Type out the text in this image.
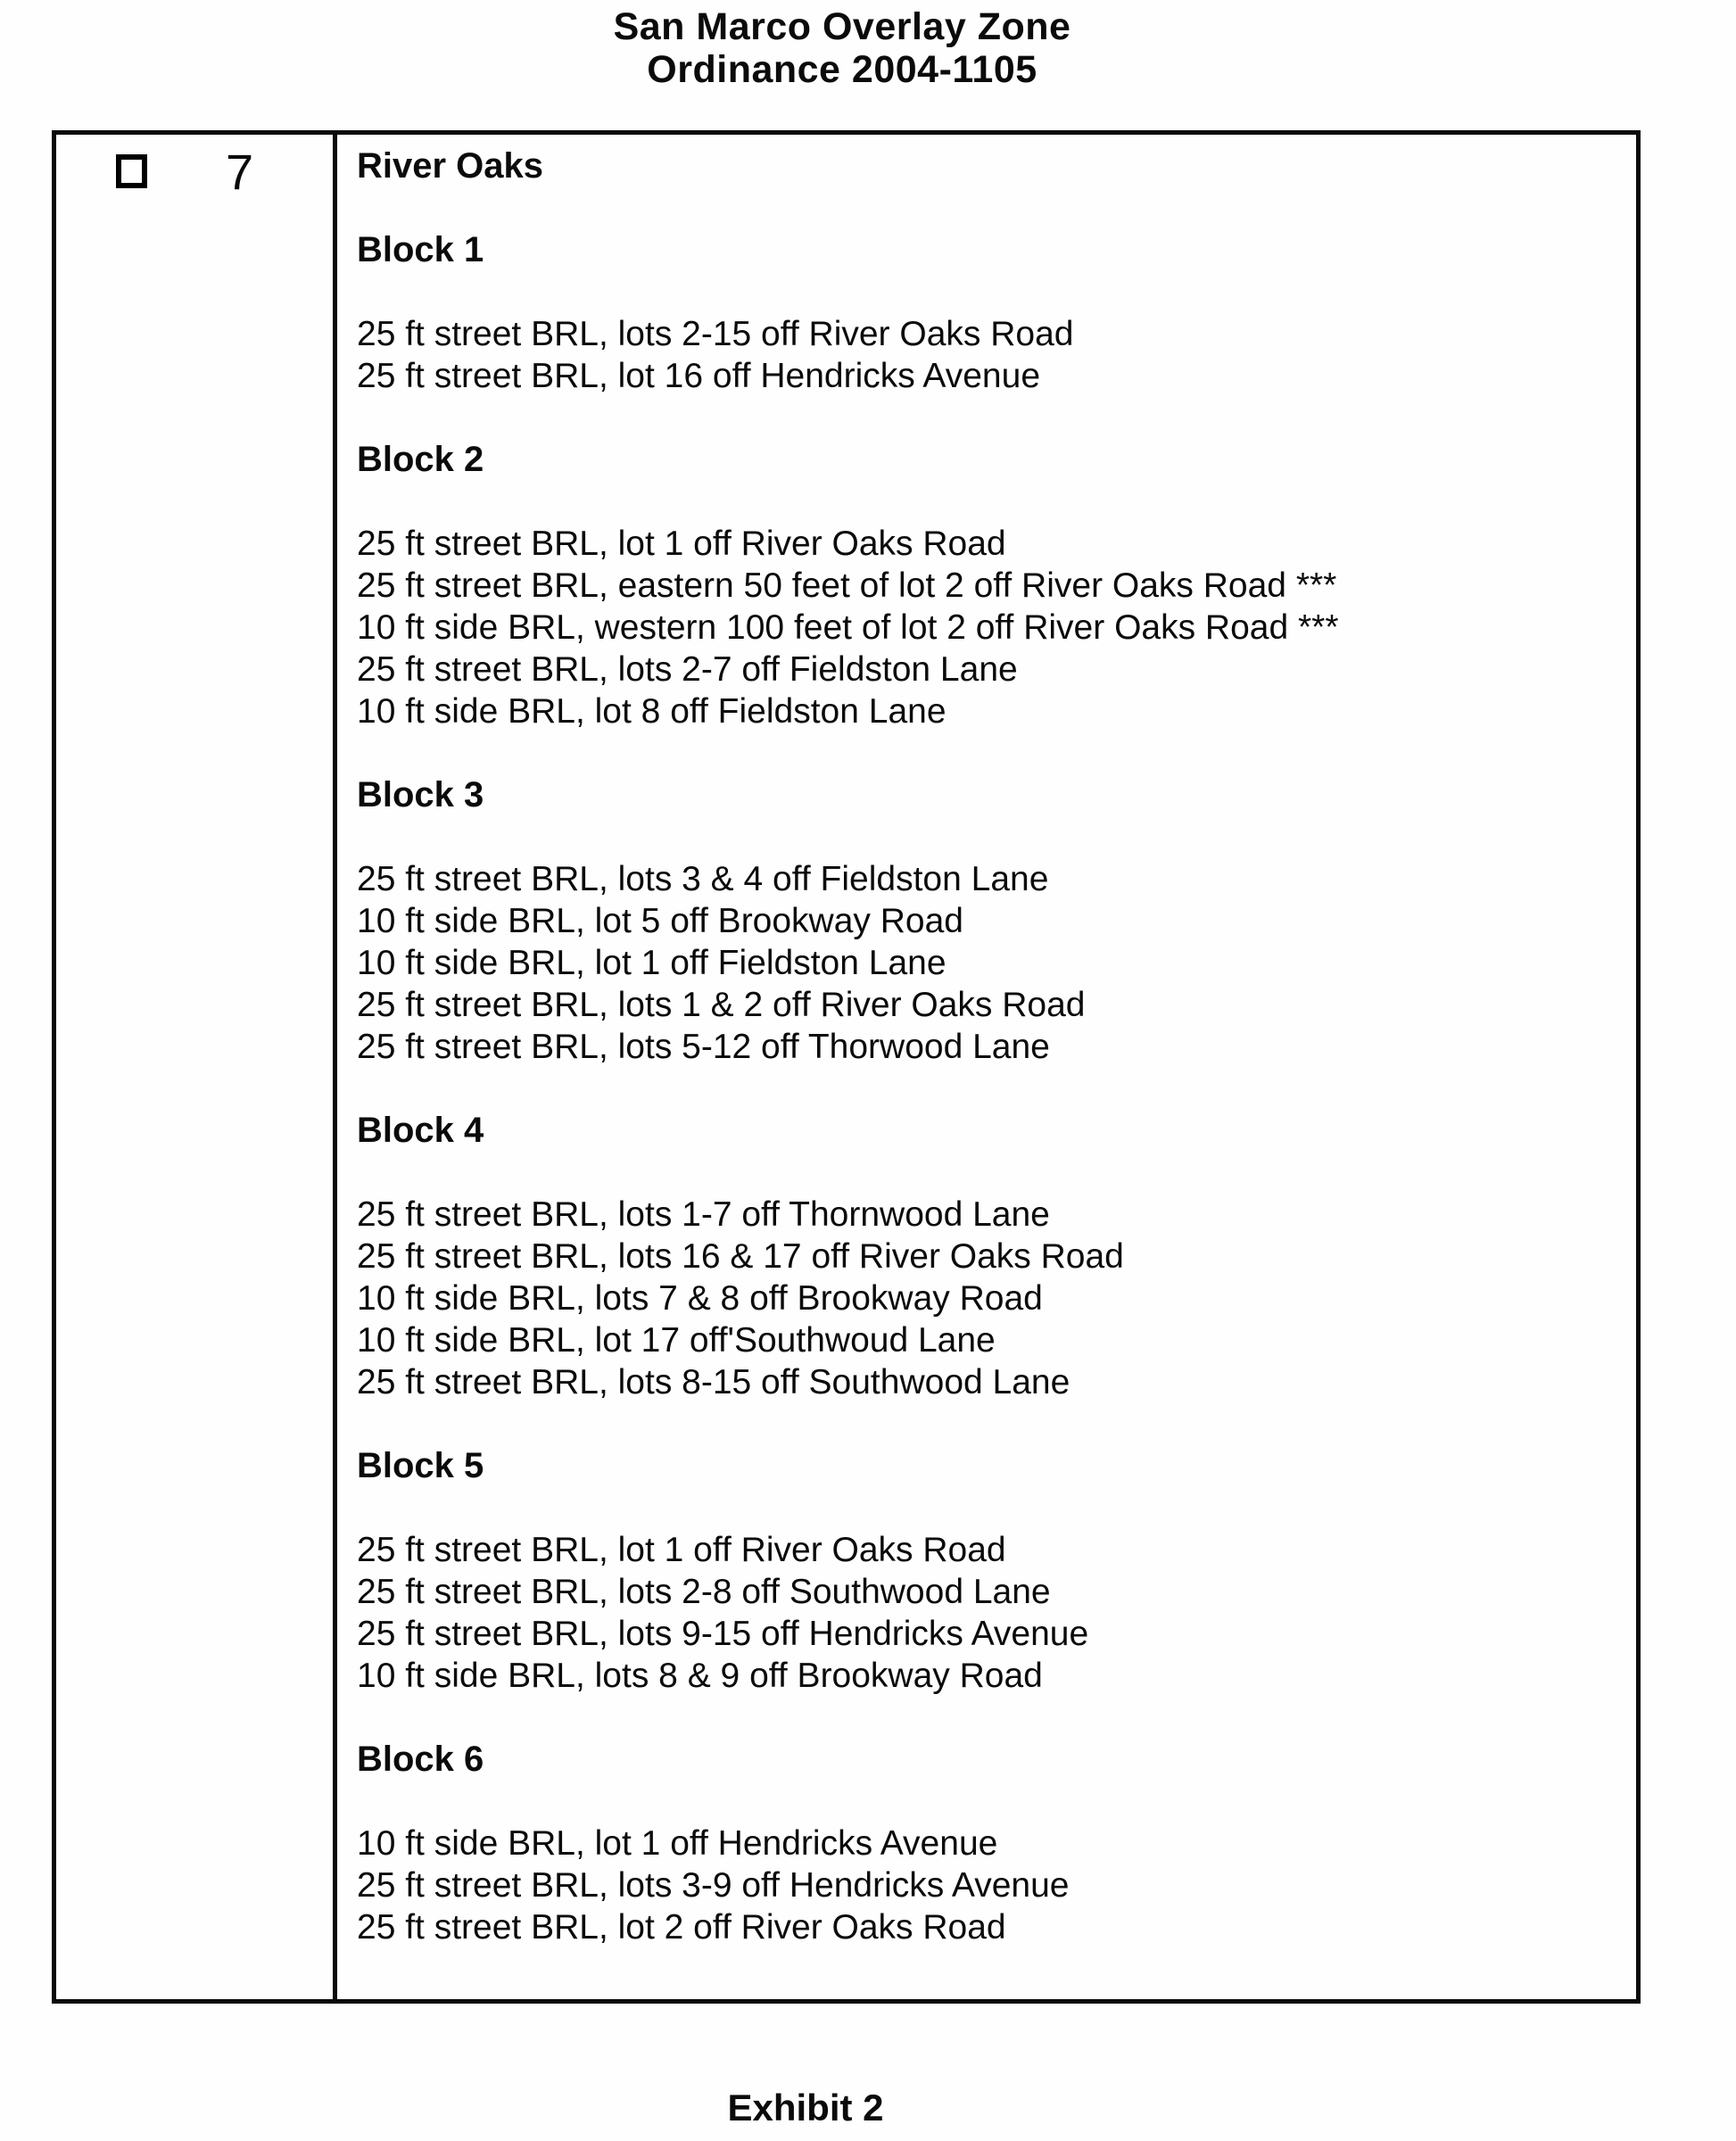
San Marco Overlay Zone
Ordinance 2004-1105
7	River Oaks
Block 1

25 ft street BRL, lots 2-15 off River Oaks Road

25 ft street BRL, lot 16 off Hendricks Avenue

Block 2

25 ft street BRL, lot 1 off River Oaks Road

25 ft street BRL, eastern 50 feet of lot 2 off River Oaks Road ***

10 ft side BRL, western 100 feet of lot 2 off River Oaks Road ***

25 ft street BRL, lots 2-7 off Fieldston Lane

10 ft side BRL, lot 8 off Fieldston Lane

Block 3

25 ft street BRL, lots 3 & 4 off Fieldston Lane

10 ft side BRL, lot 5 off Brookway Road

10 ft side BRL, lot 1 off Fieldston Lane

25 ft street BRL, lots 1 & 2 off River Oaks Road

25 ft street BRL, lots 5-12 off Thorwood Lane

Block 4

25 ft street BRL, lots 1-7 off Thornwood Lane

25 ft street BRL, lots 16 & 17 off River Oaks Road

10 ft side BRL, lots 7 & 8 off Brookway Road

10 ft side BRL, lot 17 off'Southwoud Lane

25 ft street BRL, lots 8-15 off Southwood Lane

Block 5

25 ft street BRL, lot 1 off River Oaks Road

25 ft street BRL, lots 2-8 off Southwood Lane

25 ft street BRL, lots 9-15 off Hendricks Avenue

10 ft side BRL, lots 8 & 9 off Brookway Road

Block 6

10 ft side BRL, lot 1 off Hendricks Avenue

25 ft street BRL, lots 3-9 off Hendricks Avenue

25 ft street BRL, lot 2 off River Oaks Road

Exhibit 2
